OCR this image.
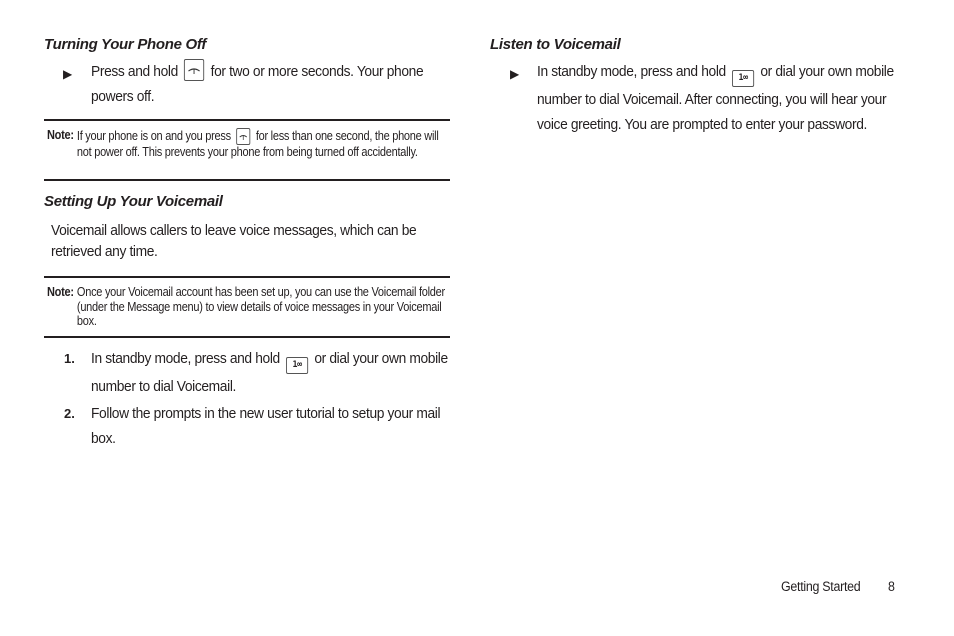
Turning Your Phone Off
▶ Press and hold  for two or more seconds. Your phone powers off.
Note: If your phone is on and you press  for less than one second, the phone will not power off. This prevents your phone from being turned off accidentally.
Setting Up Your Voicemail
Voicemail allows callers to leave voice messages, which can be retrieved any time.
Note: Once your Voicemail account has been set up, you can use the Voicemail folder (under the Message menu) to view details of voice messages in your Voicemail box.
1. In standby mode, press and hold 1∞ or dial your own mobile number to dial Voicemail.
2. Follow the prompts in the new user tutorial to setup your mail box.
Listen to Voicemail
▶ In standby mode, press and hold 1∞ or dial your own mobile number to dial Voicemail. After connecting, you will hear your voice greeting. You are prompted to enter your password.
Getting Started 8
